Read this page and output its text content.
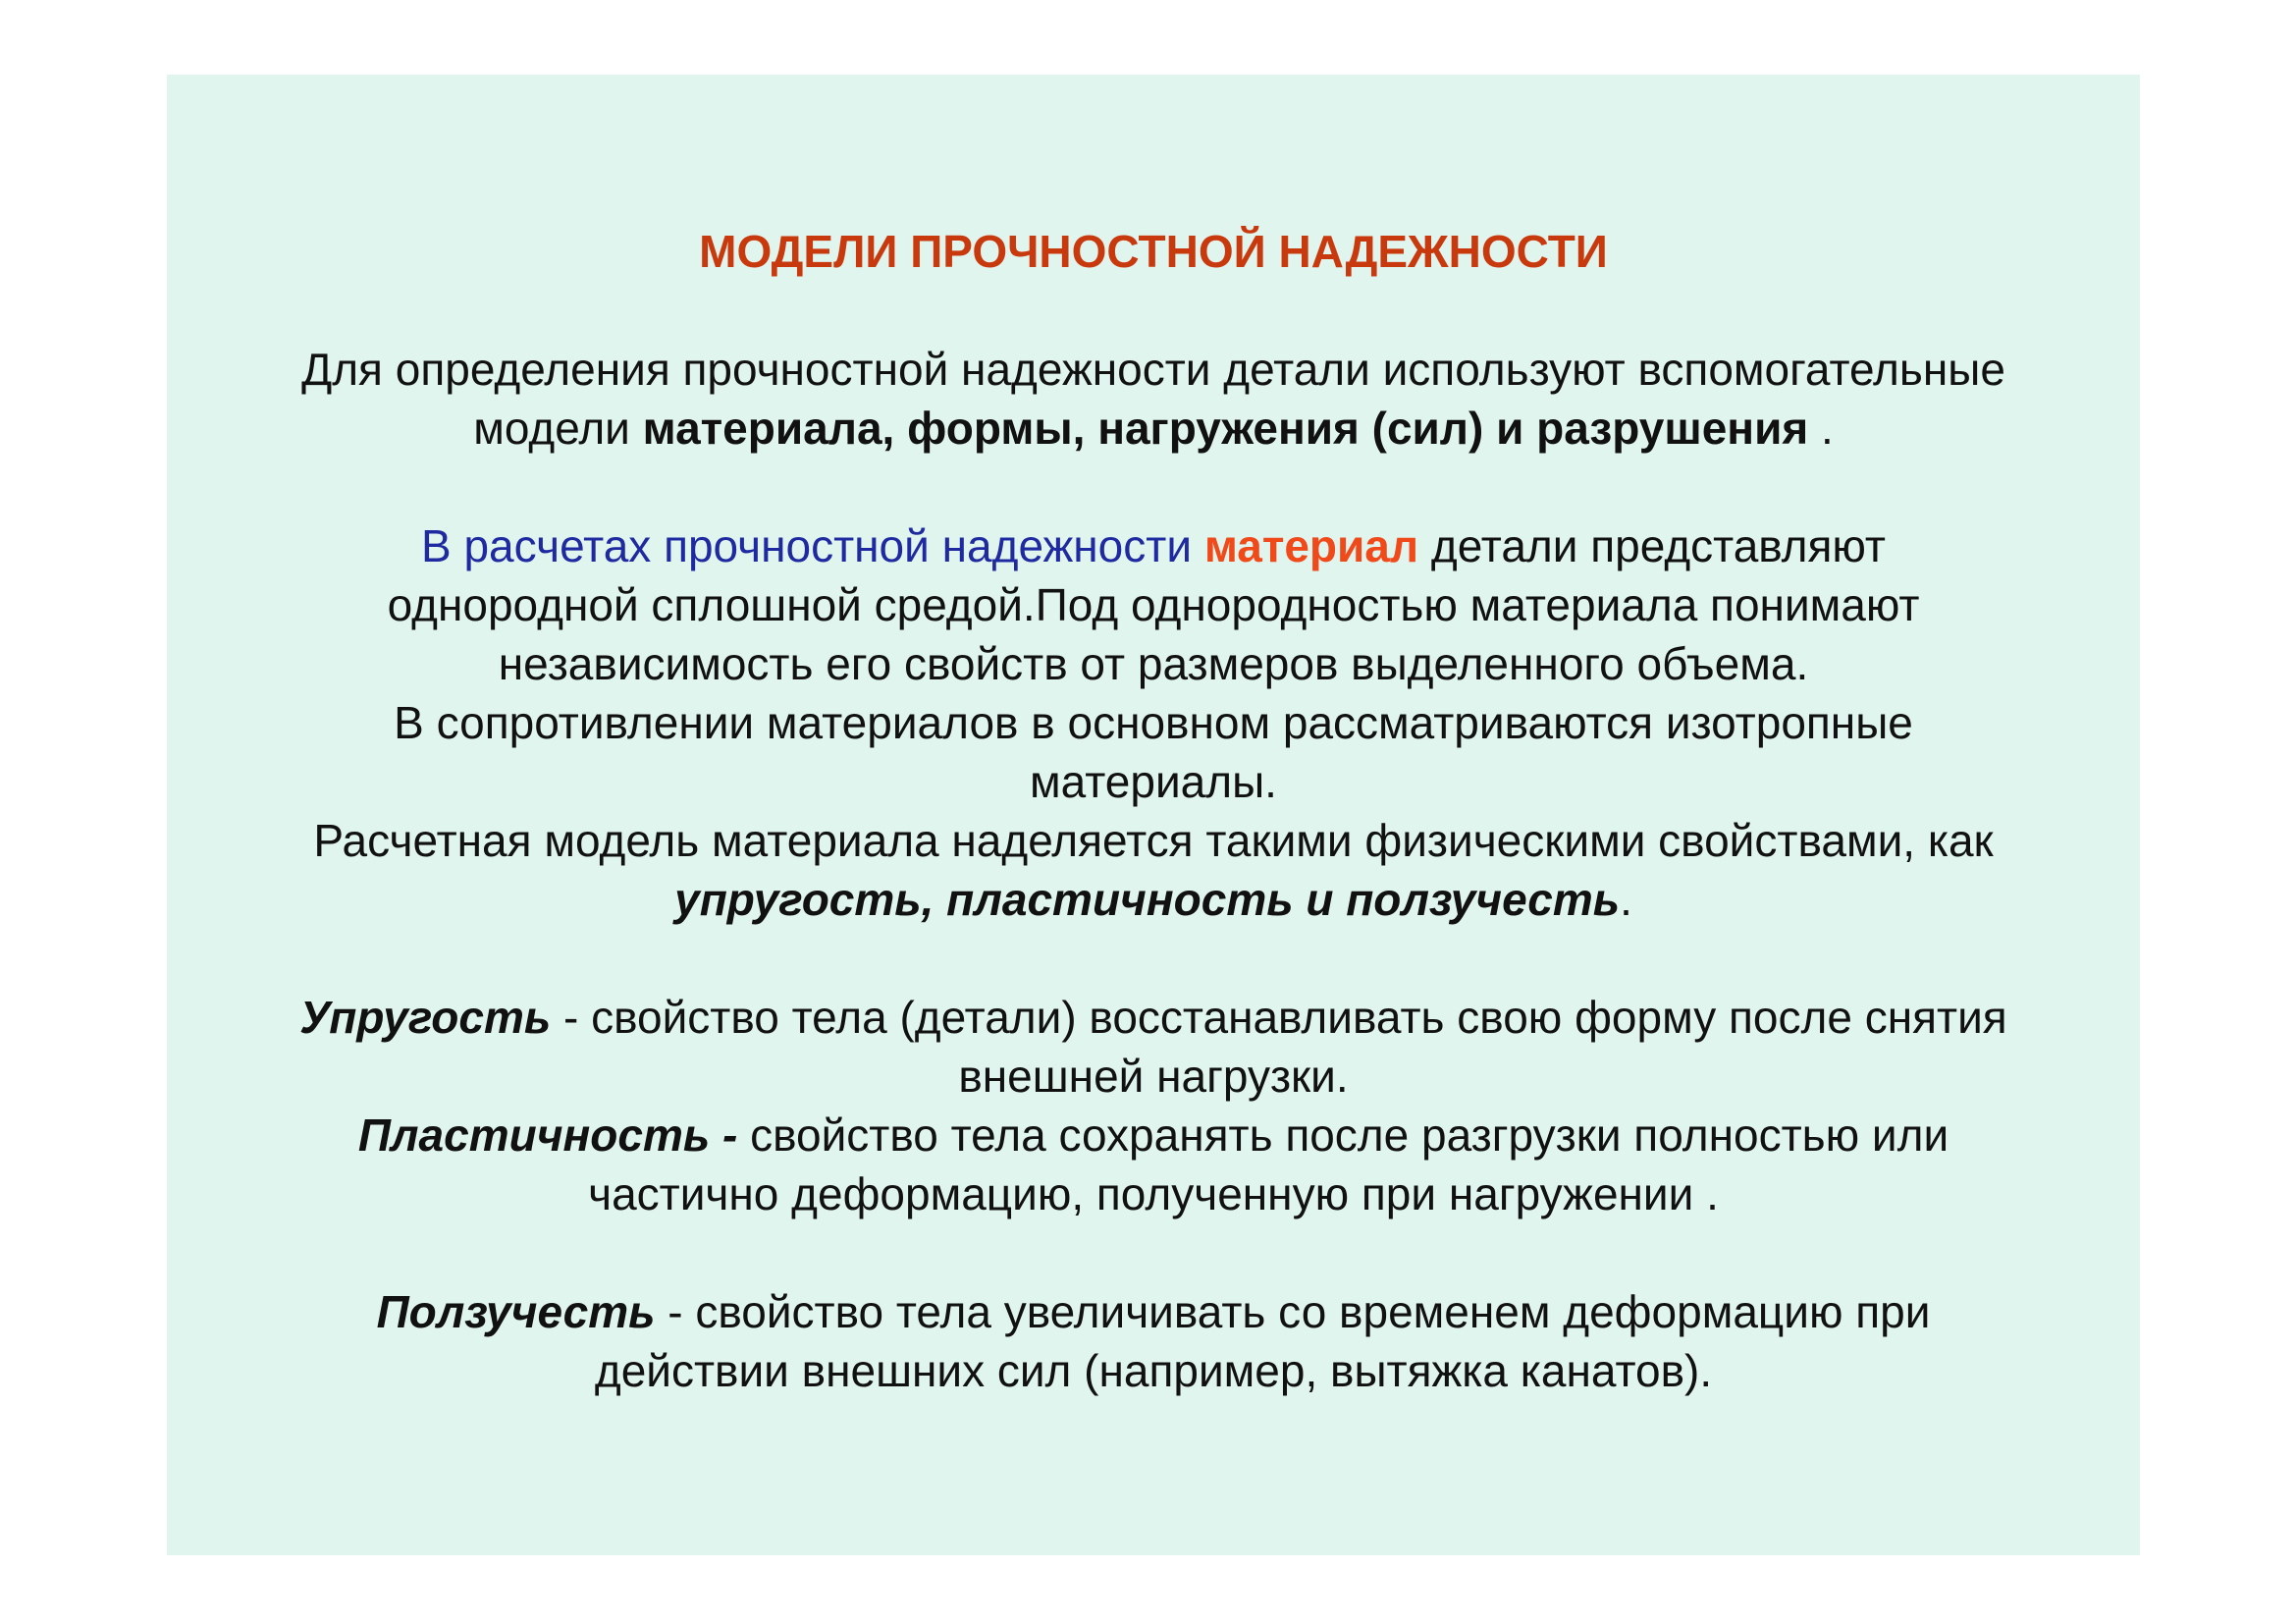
МОДЕЛИ ПРОЧНОСТНОЙ НАДЕЖНОСТИ

Для определения прочностной надежности детали используют вспомогательные
модели материала, формы, нагружения (сил) и разрушения .

В расчетах прочностной надежности материал детали представляют
однородной сплошной средой.Под однородностью материала понимают
независимость его свойств от размеров выделенного объема.
В сопротивлении материалов в основном рассматриваются изотропные
материалы.
Расчетная модель материала наделяется такими физическими свойствами, как
упругость, пластичность и ползучесть.

Упругость - свойство тела (детали) восстанавливать свою форму после снятия
внешней нагрузки.

Пластичность - свойство тела сохранять после разгрузки полностью или
частично деформацию, полученную при нагружении .

Ползучесть - свойство тела увеличивать со временем деформацию при
действии внешних сил (например, вытяжка канатов).
